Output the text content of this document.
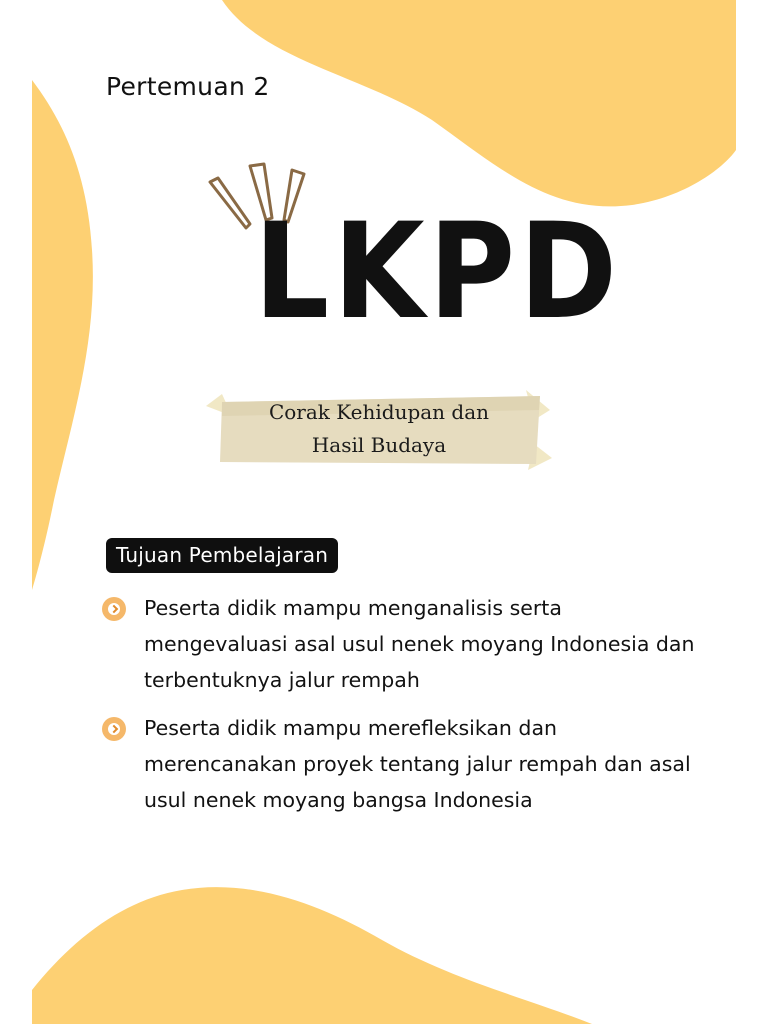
Pertemuan 2
LKPD
Corak Kehidupan dan
Hasil Budaya
Tujuan Pembelajaran
Peserta didik mampu menganalisis serta mengevaluasi asal usul nenek moyang Indonesia dan terbentuknya jalur rempah
Peserta didik mampu merefleksikan dan merencanakan proyek tentang jalur rempah dan asal usul nenek moyang bangsa Indonesia
